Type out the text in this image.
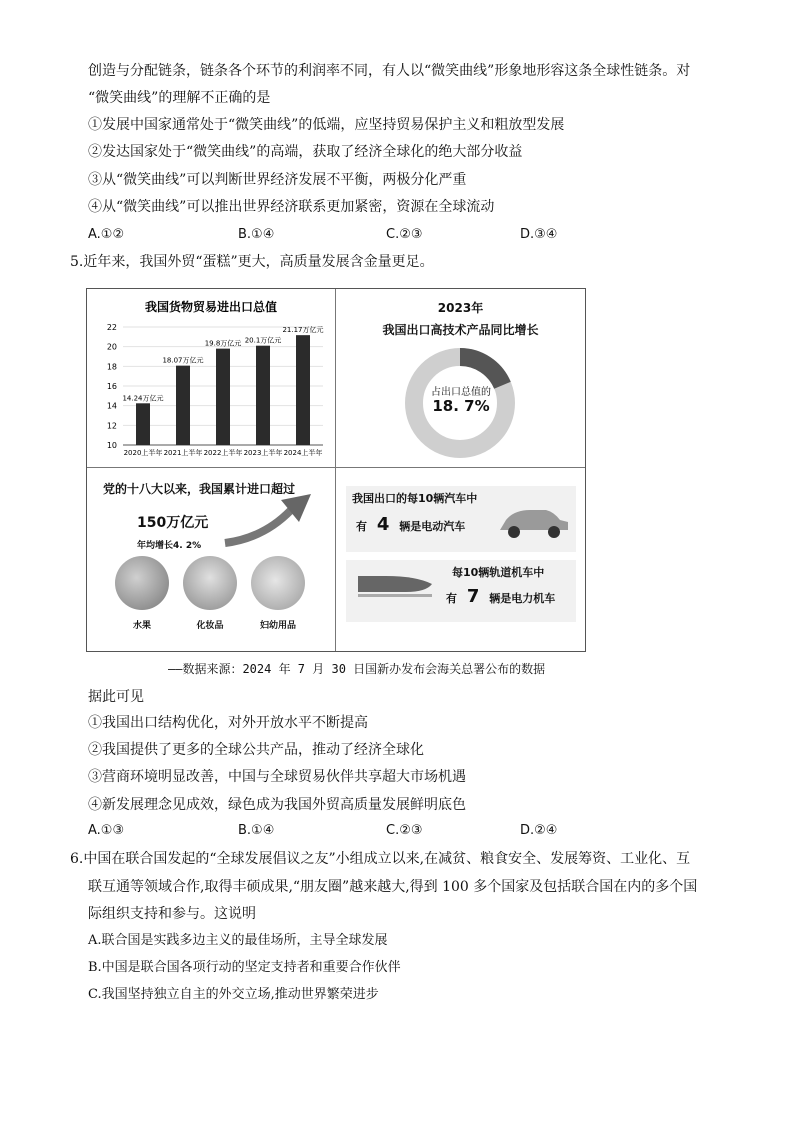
创造与分配链条，链条各个环节的利润率不同，有人以“微笑曲线”形象地形容这条全球性链条。对
“微笑曲线”的理解不正确的是
①发展中国家通常处于“微笑曲线”的低端，应坚持贸易保护主义和粗放型发展
②发达国家处于“微笑曲线”的高端，获取了经济全球化的绝大部分收益
③从“微笑曲线”可以判断世界经济发展不平衡，两极分化严重
④从“微笑曲线”可以推出世界经济联系更加紧密，资源在全球流动
A.①②	B.①④	C.②③	D.③④
5.近年来，我国外贸“蛋糕”更大，高质量发展含金量更足。
我国货物贸易进出口总值
22
20
18
16
14
12
10
14.24万亿元
2020上半年
18.07万亿元
2021上半年
19.8万亿元
2022上半年
20.1万亿元
2023上半年
21.17万亿元
2024上半年
2023年
我国出口高技术产品同比增长
占出口总值的
18. 7%
党的十八大以来，我国累计进口超过
150万亿元
年均增长4. 2%
水果	化妆品	妇幼用品
我国出口的每10辆汽车中
有 4 辆是电动汽车
每10辆轨道机车中
有 7 辆是电力机车
——数据来源：2024 年 7 月 30 日国新办发布会海关总署公布的数据
据此可见
①我国出口结构优化，对外开放水平不断提高
②我国提供了更多的全球公共产品，推动了经济全球化
③营商环境明显改善，中国与全球贸易伙伴共享超大市场机遇
④新发展理念见成效，绿色成为我国外贸高质量发展鲜明底色
A.①③	B.①④	C.②③	D.②④
6.中国在联合国发起的“全球发展倡议之友”小组成立以来,在减贫、粮食安全、发展筹资、工业化、互
联互通等领域合作,取得丰硕成果,“朋友圈”越来越大,得到 100 多个国家及包括联合国在内的多个国
际组织支持和参与。这说明
A.联合国是实践多边主义的最佳场所，主导全球发展
B.中国是联合国各项行动的坚定支持者和重要合作伙伴
C.我国坚持独立自主的外交立场,推动世界繁荣进步
